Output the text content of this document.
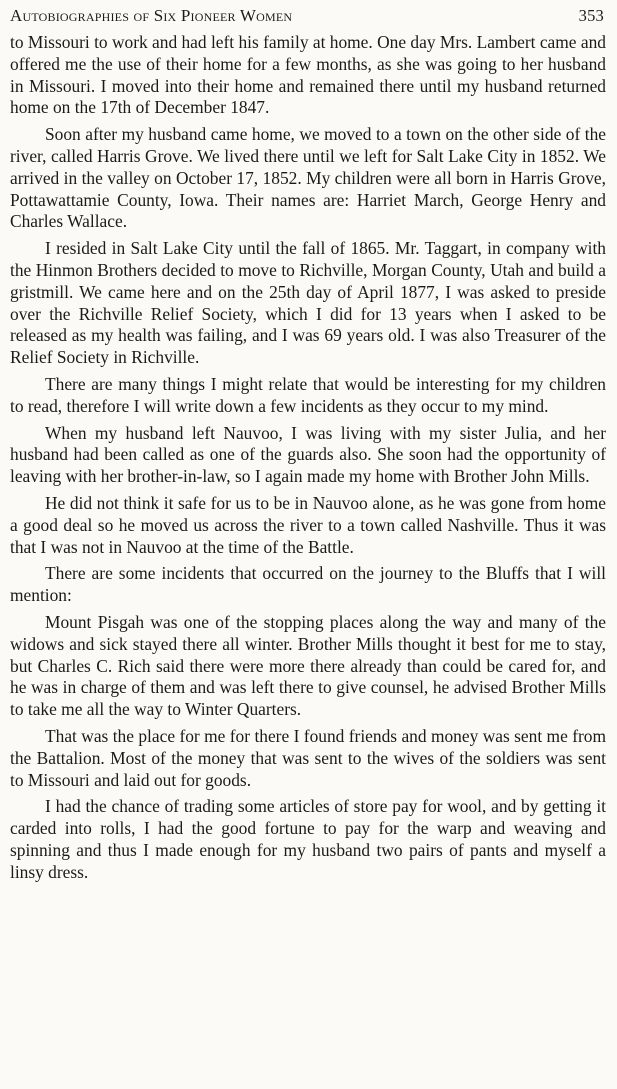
Autobiographies of Six Pioneer Women	353

to Missouri to work and had left his family at home. One day Mrs. Lambert came and offered me the use of their home for a few months, as she was going to her husband in Missouri. I moved into their home and remained there until my husband returned home on the 17th of December 1847.

Soon after my husband came home, we moved to a town on the other side of the river, called Harris Grove. We lived there until we left for Salt Lake City in 1852. We arrived in the valley on October 17, 1852. My children were all born in Harris Grove, Pottawattamie County, Iowa. Their names are: Harriet March, George Henry and Charles Wallace.

I resided in Salt Lake City until the fall of 1865. Mr. Taggart, in company with the Hinmon Brothers decided to move to Richville, Morgan County, Utah and build a gristmill. We came here and on the 25th day of April 1877, I was asked to preside over the Richville Relief Society, which I did for 13 years when I asked to be released as my health was failing, and I was 69 years old. I was also Treasurer of the Relief Society in Richville.

There are many things I might relate that would be interesting for my children to read, therefore I will write down a few incidents as they occur to my mind.

When my husband left Nauvoo, I was living with my sister Julia, and her husband had been called as one of the guards also. She soon had the opportunity of leaving with her brother-in-law, so I again made my home with Brother John Mills.

He did not think it safe for us to be in Nauvoo alone, as he was gone from home a good deal so he moved us across the river to a town called Nashville. Thus it was that I was not in Nauvoo at the time of the Battle.

There are some incidents that occurred on the journey to the Bluffs that I will mention:

Mount Pisgah was one of the stopping places along the way and many of the widows and sick stayed there all winter. Brother Mills thought it best for me to stay, but Charles C. Rich said there were more there already than could be cared for, and he was in charge of them and was left there to give counsel, he advised Brother Mills to take me all the way to Winter Quarters.

That was the place for me for there I found friends and money was sent me from the Battalion. Most of the money that was sent to the wives of the soldiers was sent to Missouri and laid out for goods.

I had the chance of trading some articles of store pay for wool, and by getting it carded into rolls, I had the good fortune to pay for the warp and weaving and spinning and thus I made enough for my husband two pairs of pants and myself a linsy dress.
